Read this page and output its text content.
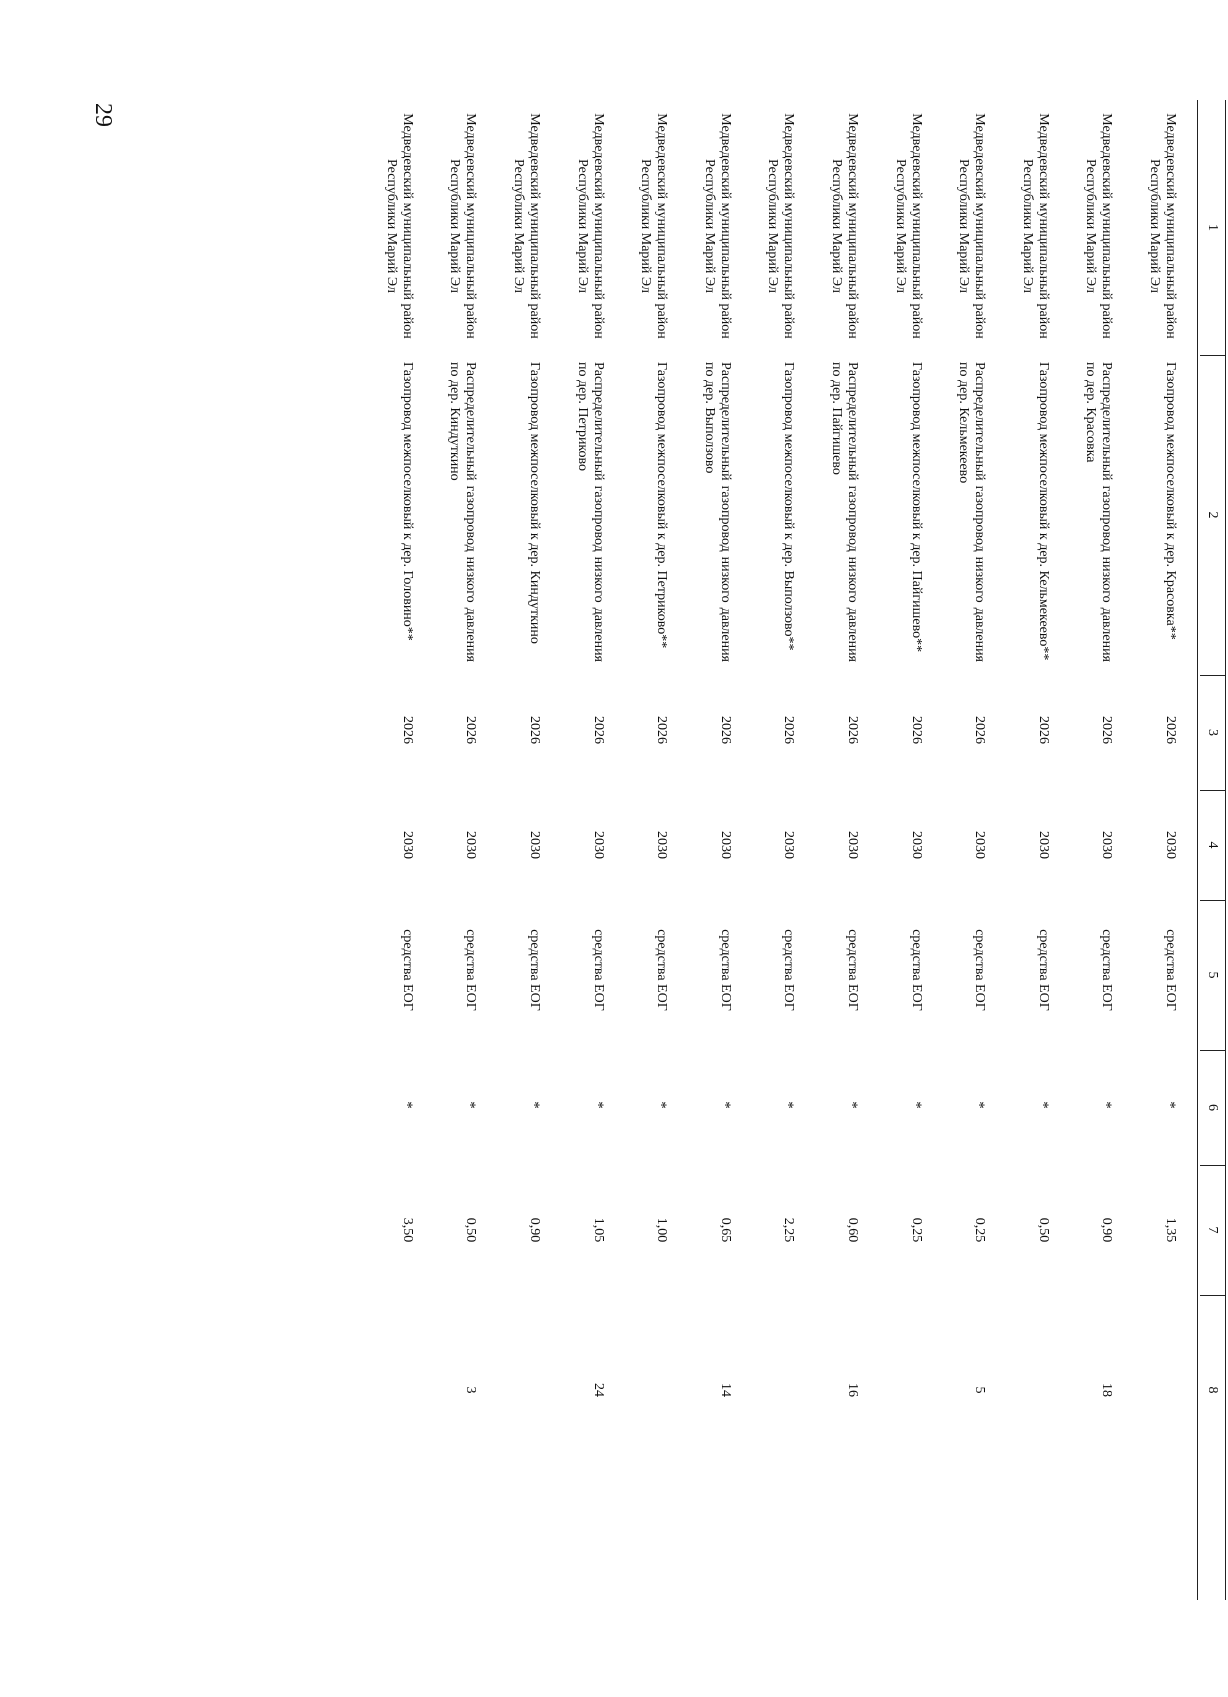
29
1
2
3
4
5
6
7
8
Медведевский муниципальный район Республики Марий Эл
Газопровод межпоселковый к дер. Красовка**
2026
2030
средства ЕОГ
*
1,35
Медведевский муниципальный район Республики Марий Эл
Распределительный
газопровод
низкого
давления
по дер. Красовка
2026
2030
средства ЕОГ
*
0,90
18
Медведевский муниципальный район Республики Марий Эл
Газопровод межпоселковый к дер. Кельмекеево**
2026
2030
средства ЕОГ
*
0,50
Медведевский муниципальный район Республики Марий Эл
Распределительный
газопровод
низкого
давления
по дер. Кельмекеево
2026
2030
средства ЕОГ
*
0,25
5
Медведевский муниципальный район Республики Марий Эл
Газопровод межпоселковый к дер. Пайгишево**
2026
2030
средства ЕОГ
*
0,25
Медведевский муниципальный район Республики Марий Эл
Распределительный
газопровод
низкого
давления
по дер. Пайгишево
2026
2030
средства ЕОГ
*
0,60
16
Медведевский муниципальный район Республики Марий Эл
Газопровод межпоселковый к дер. Выползово**
2026
2030
средства ЕОГ
*
2,25
Медведевский муниципальный район Республики Марий Эл
Распределительный
газопровод
низкого
давления
по дер. Выползово
2026
2030
средства ЕОГ
*
0,65
14
Медведевский муниципальный район Республики Марий Эл
Газопровод межпоселковый к дер. Петриково**
2026
2030
средства ЕОГ
*
1,00
Медведевский муниципальный район Республики Марий Эл
Распределительный
газопровод
низкого
давления
по дер. Петриково
2026
2030
средства ЕОГ
*
1,05
24
Медведевский муниципальный район Республики Марий Эл
Газопровод межпоселковый к дер. Киндуткино
2026
2030
средства ЕОГ
*
0,90
Медведевский муниципальный район Республики Марий Эл
Распределительный
газопровод
низкого
давления
по дер. Киндуткино
2026
2030
средства ЕОГ
*
0,50
3
Медведевский муниципальный район Республики Марий Эл
Газопровод межпоселковый к дер. Головино**
2026
2030
средства ЕОГ
*
3,50
